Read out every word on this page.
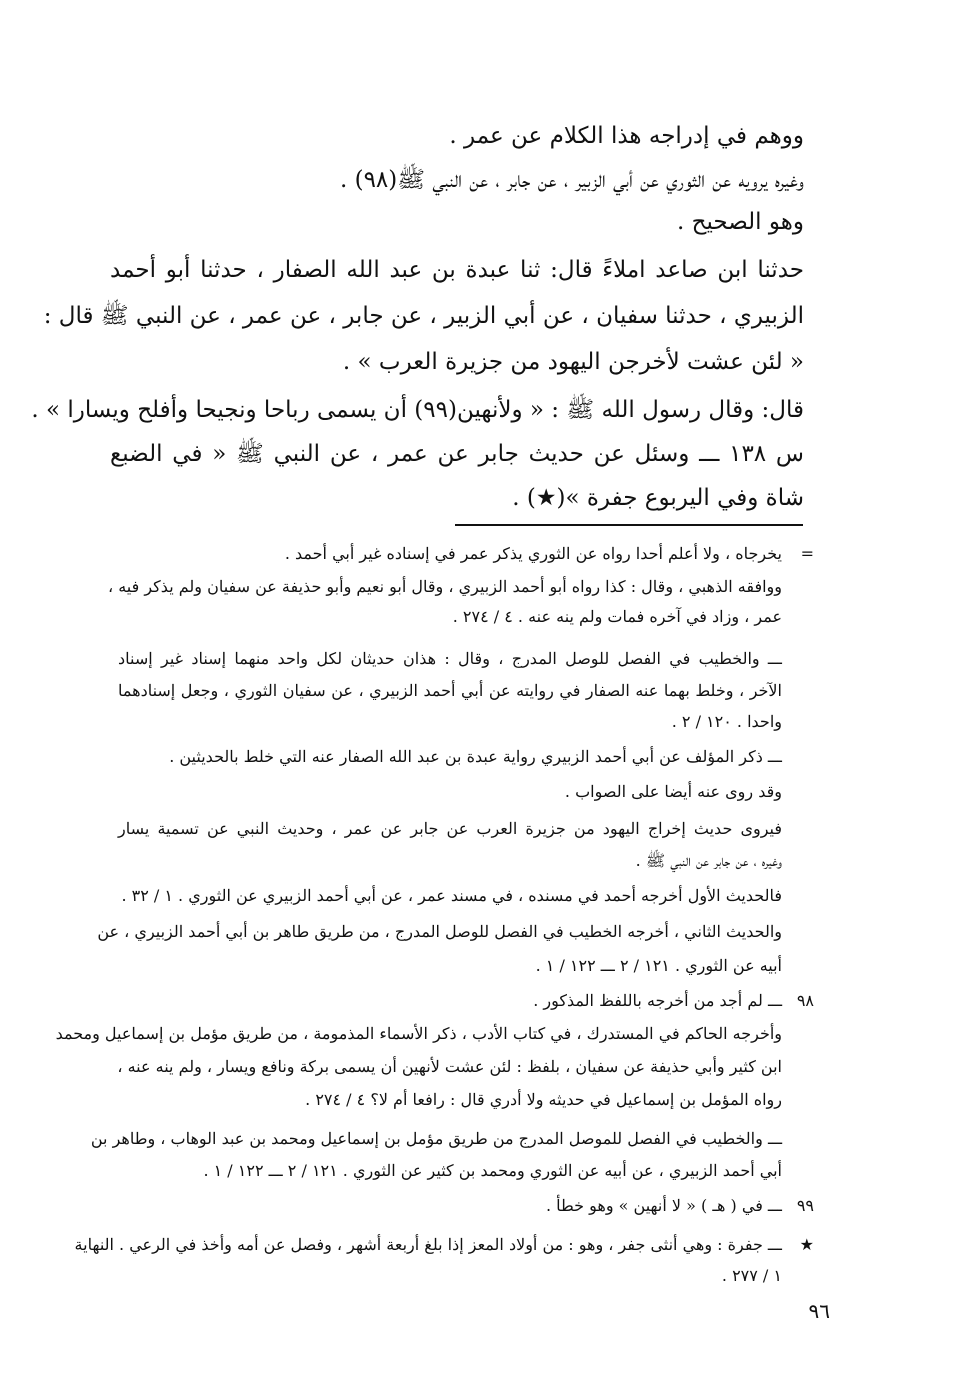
ووهم في إدراجه هذا الكلام عن عمر .
وغيره يرويه عن الثوري عن أبي الزبير ، عن جابر ، عن النبي ﷺ(٩٨) .
وهو الصحيح .
حدثنا ابن صاعد املاءً قال: ثنا عبدة بن عبد الله الصفار ، حدثنا أبو أحمد
الزبيري ، حدثنا سفيان ، عن أبي الزبير ، عن جابر ، عن عمر ، عن النبي ﷺ قال :
« لئن عشت لأخرجن اليهود من جزيرة العرب » .
قال: وقال رسول الله ﷺ : « ولأنهين(٩٩) أن يسمى رباحا ونجيحا وأفلح ويسارا » .
س ١٣٨ ـــ وسئل عن حديث جابر عن عمر ، عن النبي ﷺ « في الضبع
شاة وفي اليربوع جفرة »(★) .
=
يخرجاه ، ولا أعلم أحدا رواه عن الثوري يذكر عمر في إسناده غير أبي أحمد .
ووافقه الذهبي ، وقال : كذا رواه أبو أحمد الزبيري ، وقال أبو نعيم وأبو حذيفة عن سفيان ولم يذكر فيه ،
عمر ، وزاد في آخره فمات ولم ينه عنه . ٤ / ٢٧٤ .
ـــ والخطيب في الفصل للوصل المدرج ، وقال : هذان حديثان لكل واحد منهما إسناد غير إسناد
الآخر ، وخلط بهما عنه الصفار في روايته عن أبي أحمد الزبيري ، عن سفيان الثوري ، وجعل إسنادهما
واحدا . ١٢٠ / ٢ .
ـــ ذكر المؤلف عن أبي أحمد الزبيري رواية عبدة بن عبد الله الصفار عنه التي خلط بالحديثين .
وقد روى عنه أيضا على الصواب .
فيروى حديث إخراج اليهود من جزيرة العرب عن جابر عن عمر ، وحديث النبي عن تسمية يسار
وغيره ، عن جابر عن النبي ﷺ .
فالحديث الأول أخرجه أحمد في مسنده ، في مسند عمر ، عن أبي أحمد الزبيري عن الثوري . ١ / ٣٢ .
والحديث الثاني ، أخرجه الخطيب في الفصل للوصل المدرج ، من طريق طاهر بن أبي أحمد الزبيري ، عن
أبيه عن الثوري . ١٢١ / ٢ ـــ ١٢٢ / ١ .
٩٨
ـــ لم أجد من أخرجه باللفظ المذكور .
وأخرجه الحاكم في المستدرك ، في كتاب الأدب ، ذكر الأسماء المذمومة ، من طريق مؤمل بن إسماعيل ومحمد
ابن كثير وأبي حذيفة عن سفيان ، بلفظ : لئن عشت لأنهين أن يسمى بركة ونافع ويسار ، ولم ينه عنه ،
رواه المؤمل بن إسماعيل في حديثه ولا أدري قال : رافعا أم لا؟ ٤ / ٢٧٤ .
ـــ والخطيب في الفصل للموصل المدرج من طريق مؤمل بن إسماعيل ومحمد بن عبد الوهاب ، وطاهر بن
أبي أحمد الزبيري ، عن أبيه عن الثوري ومحمد بن كثير عن الثوري . ١٢١ / ٢ ـــ ١٢٢ / ١ .
٩٩
ـــ في ( هـ ) « لا أنهين » وهو خطأ .
★
ـــ جفرة : وهي أنثى جفر ، وهو : من أولاد المعز إذا بلغ أربعة أشهر ، وفصل عن أمه وأخذ في الرعي . النهاية
١ / ٢٧٧ .
٩٦
